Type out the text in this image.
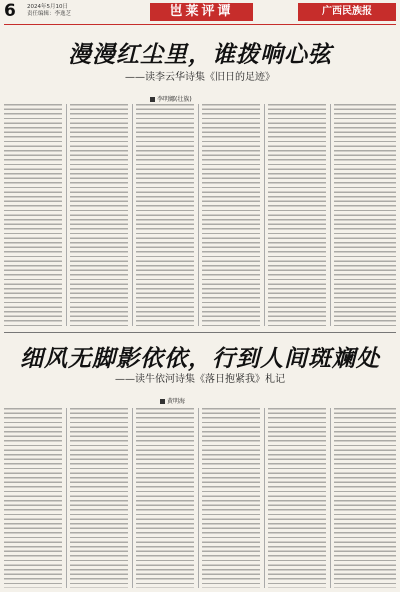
6 2024年5月10日
责任编辑：李逸芝	岜莱评谭	广西民族报
漫漫红尘里，谁拨响心弦
——读李云华诗集《旧日的足迹》
李明娜(壮族)
细风无脚影依依，行到人间斑斓处
——读牛依河诗集《落日抱紧我》札记
黄明海
